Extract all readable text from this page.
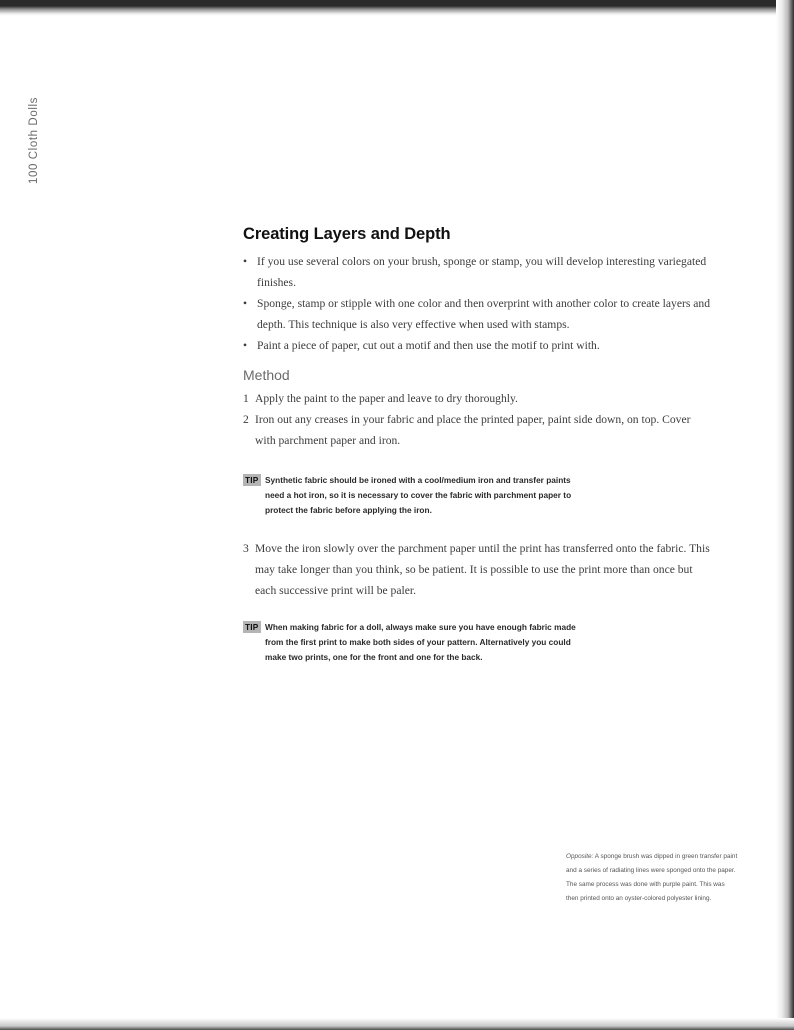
100 Cloth Dolls
Creating Layers and Depth
• If you use several colors on your brush, sponge or stamp, you will develop interesting variegated finishes.
• Sponge, stamp or stipple with one color and then overprint with another color to create layers and depth. This technique is also very effective when used with stamps.
• Paint a piece of paper, cut out a motif and then use the motif to print with.
Method
1 Apply the paint to the paper and leave to dry thoroughly.
2 Iron out any creases in your fabric and place the printed paper, paint side down, on top. Cover with parchment paper and iron.

TIP Synthetic fabric should be ironed with a cool/medium iron and transfer paints need a hot iron, so it is necessary to cover the fabric with parchment paper to protect the fabric before applying the iron.

3 Move the iron slowly over the parchment paper until the print has transferred onto the fabric. This may take longer than you think, so be patient. It is possible to use the print more than once but each successive print will be paler.

TIP When making fabric for a doll, always make sure you have enough fabric made from the first print to make both sides of your pattern. Alternatively you could make two prints, one for the front and one for the back.

Opposite: A sponge brush was dipped in green transfer paint and a series of radiating lines were sponged onto the paper. The same process was done with purple paint. This was then printed onto an oyster-colored polyester lining.
